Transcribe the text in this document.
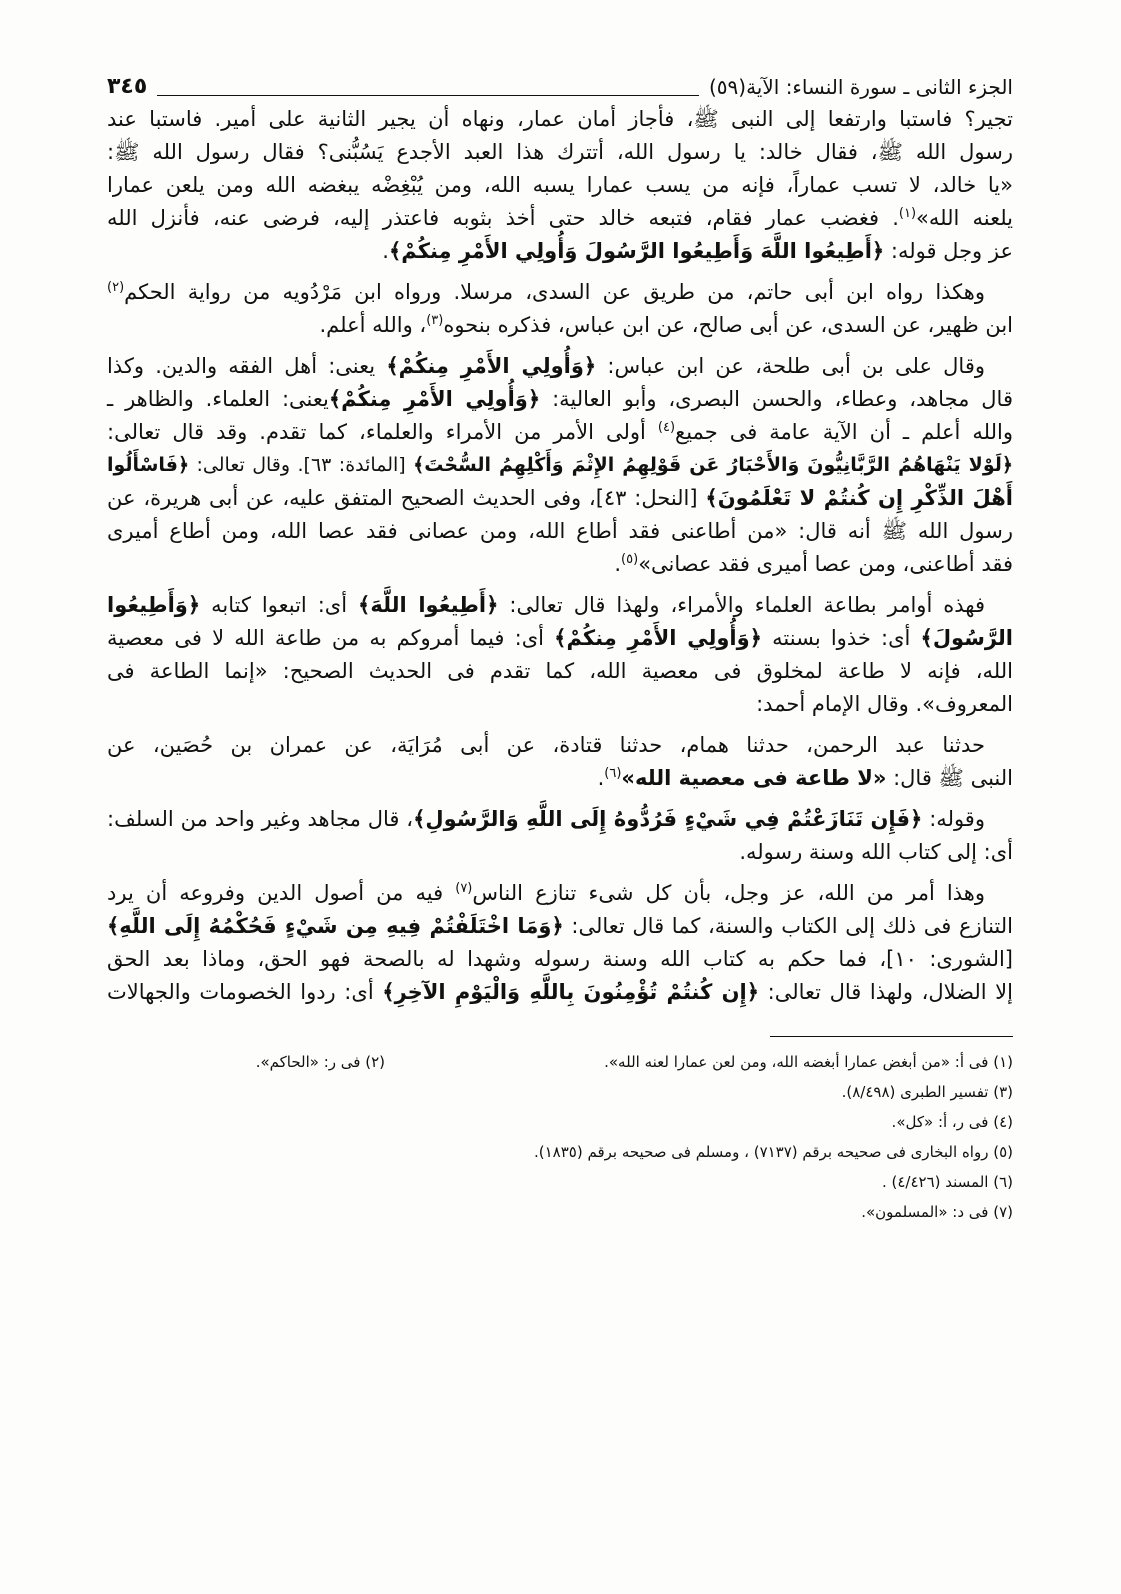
الجزء الثانى ـ سورة النساء: الآية(٥٩)
٣٤٥
تجير؟ فاستبا وارتفعا إلى النبى ﷺ، فأجاز أمان عمار، ونهاه أن يجير الثانية على أمير. فاستبا عند
رسول الله ﷺ، فقال خالد: يا رسول الله، أتترك هذا العبد الأجدع يَسُبُّنى؟ فقال رسول الله ﷺ:
«يا خالد، لا تسب عماراً، فإنه من يسب عمارا يسبه الله، ومن يُبْغِضْه يبغضه الله ومن يلعن عمارا
يلعنه الله»$^{(١)}$. فغضب عمار فقام، فتبعه خالد حتى أخذ بثوبه فاعتذر إليه، فرضى عنه، فأنزل الله
عز وجل قوله: ﴿أَطِيعُوا اللَّهَ وَأَطِيعُوا الرَّسُولَ وَأُولِي الأَمْرِ مِنكُمْ﴾.
وهكذا رواه ابن أبى حاتم، من طريق عن السدى، مرسلا. ورواه ابن مَرْدُويه من رواية الحكم$^{(٢)}$
ابن ظهير، عن السدى، عن أبى صالح، عن ابن عباس، فذكره بنحوه$^{(٣)}$، والله أعلم.
وقال على بن أبى طلحة، عن ابن عباس: ﴿وَأُولِي الأَمْرِ مِنكُمْ﴾ يعنى: أهل الفقه والدين. وكذا
قال مجاهد، وعطاء، والحسن البصرى، وأبو العالية: ﴿وَأُولِي الأَمْرِ مِنكُمْ﴾يعنى: العلماء. والظاهر ـ
والله أعلم ـ أن الآية عامة فى جميع$^{(٤)}$ أولى الأمر من الأمراء والعلماء، كما تقدم. وقد قال تعالى:
﴿لَوْلا يَنْهَاهُمُ الرَّبَّانِيُّونَ وَالأَحْبَارُ عَن قَوْلِهِمُ الإِثْمَ وَأَكْلِهِمُ السُّحْتَ﴾ [المائدة: ٦٣]. وقال تعالى: ﴿فَاسْأَلُوا
أَهْلَ الذِّكْرِ إِن كُنتُمْ لا تَعْلَمُونَ﴾ [النحل: ٤٣]، وفى الحديث الصحيح المتفق عليه، عن أبى هريرة، عن
رسول الله ﷺ أنه قال: «من أطاعنى فقد أطاع الله، ومن عصانى فقد عصا الله، ومن أطاع أميرى
فقد أطاعنى، ومن عصا أميرى فقد عصانى»$^{(٥)}$.
فهذه أوامر بطاعة العلماء والأمراء، ولهذا قال تعالى: ﴿أَطِيعُوا اللَّهَ﴾ أى: اتبعوا كتابه ﴿وَأَطِيعُوا
الرَّسُولَ﴾ أى: خذوا بسنته ﴿وَأُولِي الأَمْرِ مِنكُمْ﴾ أى: فيما أمروكم به من طاعة الله لا فى معصية
الله، فإنه لا طاعة لمخلوق فى معصية الله، كما تقدم فى الحديث الصحيح: «إنما الطاعة فى
المعروف». وقال الإمام أحمد:
حدثنا عبد الرحمن، حدثنا همام، حدثنا قتادة، عن أبى مُرَايَة، عن عمران بن حُصَين، عن
النبى ﷺ قال: «لا طاعة فى معصية الله»$^{(٦)}$.
وقوله: ﴿فَإِن تَنَازَعْتُمْ فِي شَيْءٍ فَرُدُّوهُ إِلَى اللَّهِ وَالرَّسُولِ﴾، قال مجاهد وغير واحد من السلف:
أى: إلى كتاب الله وسنة رسوله.
وهذا أمر من الله، عز وجل، بأن كل شىء تنازع الناس$^{(٧)}$ فيه من أصول الدين وفروعه أن يرد
التنازع فى ذلك إلى الكتاب والسنة، كما قال تعالى: ﴿وَمَا اخْتَلَفْتُمْ فِيهِ مِن شَيْءٍ فَحُكْمُهُ إِلَى اللَّهِ﴾
[الشورى: ١٠]، فما حكم به كتاب الله وسنة رسوله وشهدا له بالصحة فهو الحق، وماذا بعد الحق
إلا الضلال، ولهذا قال تعالى: ﴿إِن كُنتُمْ تُؤْمِنُونَ بِاللَّهِ وَالْيَوْمِ الآخِرِ﴾ أى: ردوا الخصومات والجهالات
(١) فى أ: «من أبغض عمارا أبغضه الله، ومن لعن عمارا لعنه الله».
(٢) فى ر: «الحاكم».
(٣) تفسير الطبرى (٨/٤٩٨).
(٤) فى ر، أ: «كل».
(٥) رواه البخارى فى صحيحه برقم (٧١٣٧) ، ومسلم فى صحيحه برقم (١٨٣٥).
(٦) المسند (٤/٤٢٦) .
(٧) فى د: «المسلمون».
